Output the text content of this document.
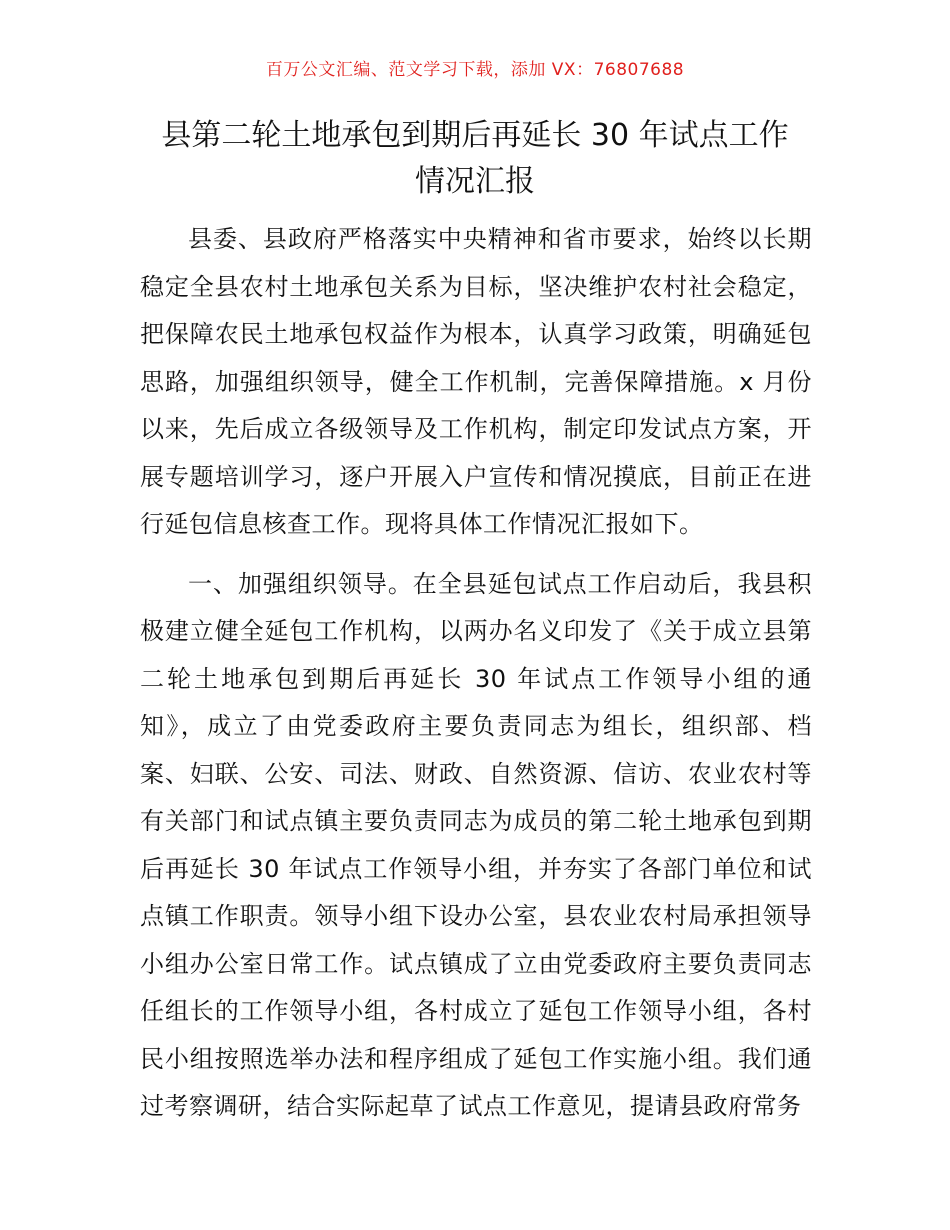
百万公文汇编、范文学习下载，添加 VX：76807688
县第二轮土地承包到期后再延长 30 年试点工作
情况汇报

县委、县政府严格落实中央精神和省市要求，始终以长期稳定全县农村土地承包关系为目标，坚决维护农村社会稳定，把保障农民土地承包权益作为根本，认真学习政策，明确延包思路，加强组织领导，健全工作机制，完善保障措施。x 月份以来，先后成立各级领导及工作机构，制定印发试点方案，开展专题培训学习，逐户开展入户宣传和情况摸底，目前正在进行延包信息核查工作。现将具体工作情况汇报如下。

一、加强组织领导。在全县延包试点工作启动后，我县积极建立健全延包工作机构，以两办名义印发了《关于成立县第二轮土地承包到期后再延长 30 年试点工作领导小组的通知》，成立了由党委政府主要负责同志为组长，组织部、档案、妇联、公安、司法、财政、自然资源、信访、农业农村等有关部门和试点镇主要负责同志为成员的第二轮土地承包到期后再延长 30 年试点工作领导小组，并夯实了各部门单位和试点镇工作职责。领导小组下设办公室，县农业农村局承担领导小组办公室日常工作。试点镇成了立由党委政府主要负责同志任组长的工作领导小组，各村成立了延包工作领导小组，各村民小组按照选举办法和程序组成了延包工作实施小组。我们通过考察调研，结合实际起草了试点工作意见，提请县政府常务
